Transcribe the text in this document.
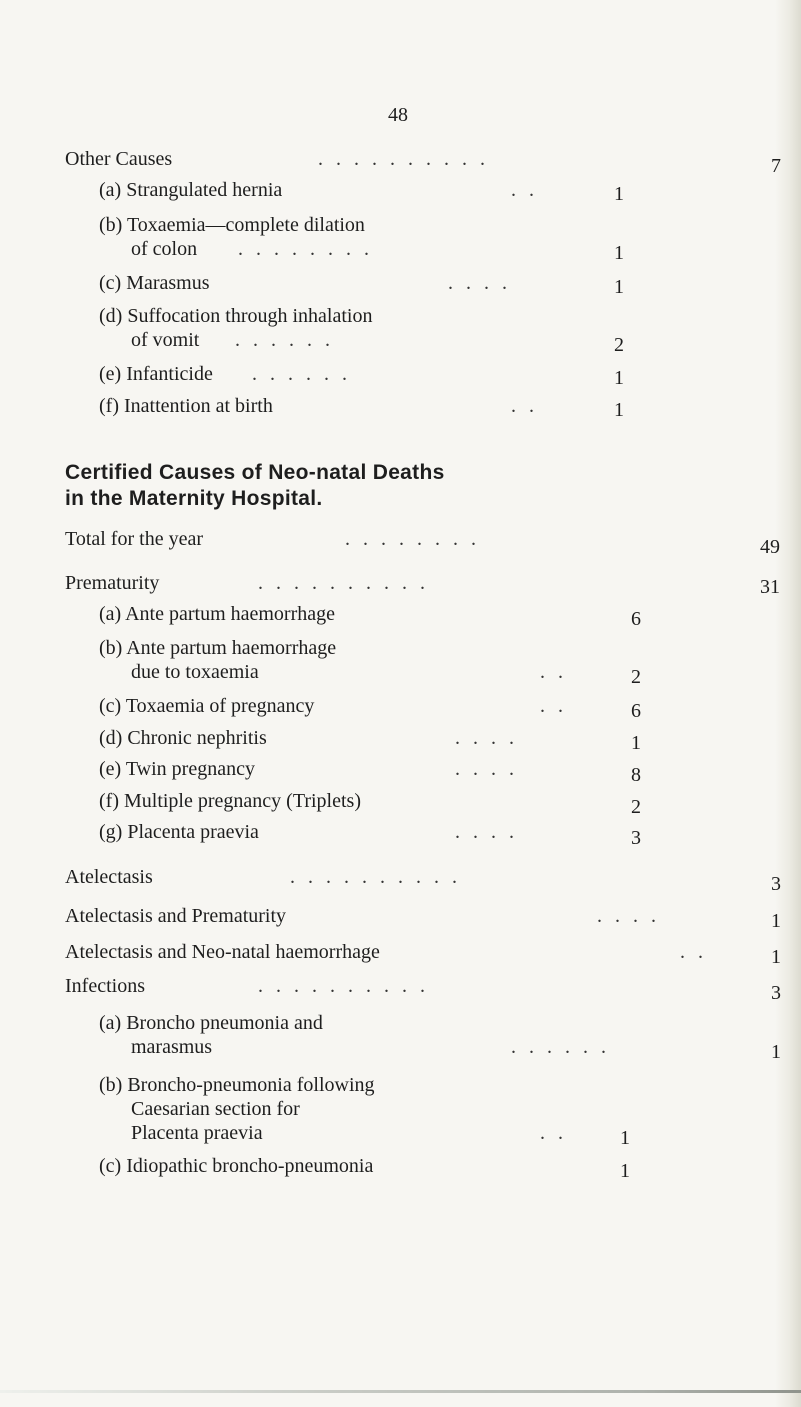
48
Other Causes	. . . . . . . . . .	7
(a) Strangulated hernia	. .	1
(b) Toxaemia—complete dilation
of colon . . . . . . . .	1
(c) Marasmus	. . . .	1
(d) Suffocation through inhalation
of vomit . . . . . .	2
(e) Infanticide . . . . . .	1
(f) Inattention at birth	. .	1
Certified Causes of Neo-natal Deaths
in the Maternity Hospital.
Total for the year	. . . . . . . .	49
Prematurity	. . . . . . . . . .	31
(a) Ante partum haemorrhage	6
(b) Ante partum haemorrhage
due to toxaemia	. .	2
(c) Toxaemia of pregnancy	. .	6
(d) Chronic nephritis	. . . .	1
(e) Twin pregnancy	. . . .	8
(f) Multiple pregnancy (Triplets)	2
(g) Placenta praevia	. . . .	3
Atelectasis	. . . . . . . . . .	3
Atelectasis and Prematurity	. . . .	1
Atelectasis and Neo-natal haemorrhage	. .	1
Infections	. . . . . . . . . .	3
(a) Broncho pneumonia and
marasmus	. . . . . .	1
(b) Broncho-pneumonia following
Caesarian section for
Placenta praevia	. .	1
(c) Idiopathic broncho-pneumonia	1
